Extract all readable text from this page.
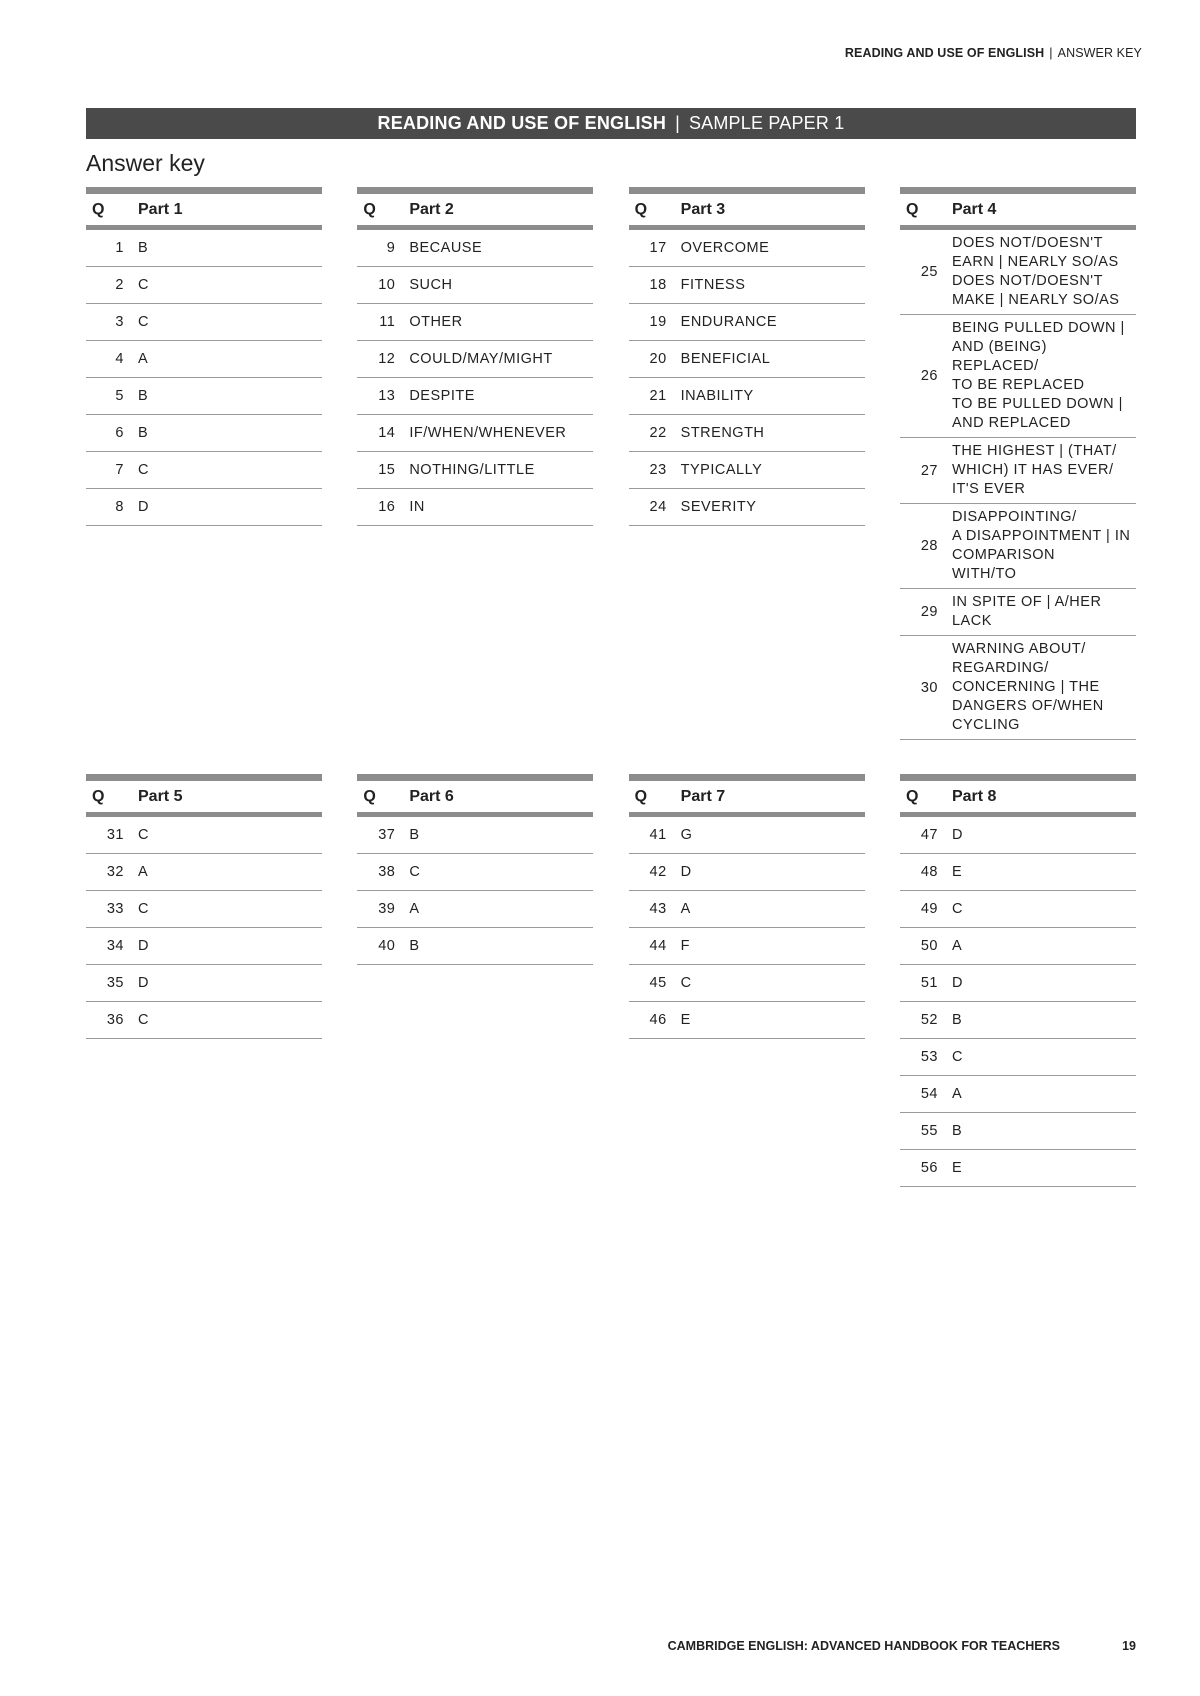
READING AND USE OF ENGLISH | ANSWER KEY
READING AND USE OF ENGLISH | SAMPLE PAPER 1
Answer key
Q	Part 1
1	B

2	C

3	C

4	A

5	B

6	B

7	C

8	D
Q	Part 2
9	BECAUSE

10	SUCH

11	OTHER

12	COULD/MAY/MIGHT

13	DESPITE

14	IF/WHEN/WHENEVER

15	NOTHING/LITTLE

16	IN
Q	Part 3
17	OVERCOME

18	FITNESS

19	ENDURANCE

20	BENEFICIAL

21	INABILITY

22	STRENGTH

23	TYPICALLY

24	SEVERITY
Q	Part 4
25	DOES NOT/DOESN'T
EARN | NEARLY SO/AS
DOES NOT/DOESN'T
MAKE | NEARLY SO/AS

26	BEING PULLED DOWN |
AND (BEING) REPLACED/
TO BE REPLACED
TO BE PULLED DOWN |
AND REPLACED

27	THE HIGHEST | (THAT/
WHICH) IT HAS EVER/
IT'S EVER

28	DISAPPOINTING/
A DISAPPOINTMENT | IN
COMPARISON
WITH/TO

29	IN SPITE OF | A/HER
LACK

30	WARNING ABOUT/
REGARDING/
CONCERNING | THE
DANGERS OF/WHEN
CYCLING
Q	Part 5
31	C

32	A

33	C

34	D

35	D

36	C
Q	Part 6
37	B

38	C

39	A

40	B
Q	Part 7
41	G

42	D

43	A

44	F

45	C

46	E
Q	Part 8
47	D

48	E

49	C

50	A

51	D

52	B

53	C

54	A

55	B

56	E
CAMBRIDGE ENGLISH: ADVANCED HANDBOOK FOR TEACHERS	19
